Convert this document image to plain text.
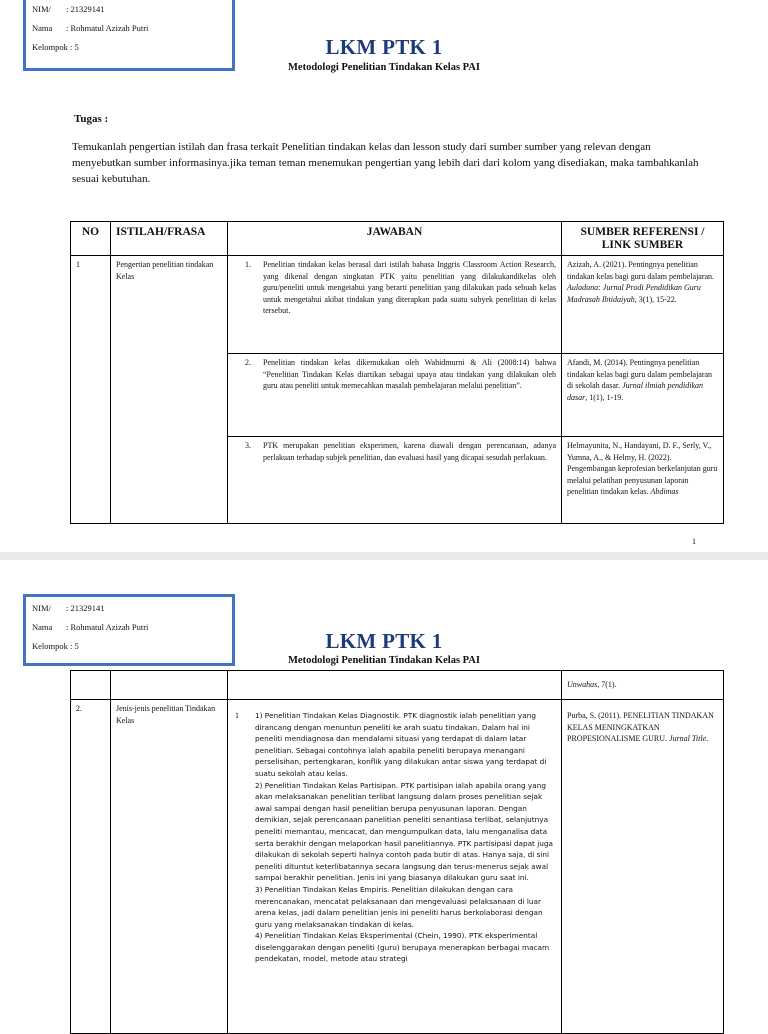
NIM/	: 21329141
Nama	: Rohmatul Azizah Putri
Kelompok
: 5	LKM PTK 1
Metodologi Penelitian Tindakan Kelas PAI
Tugas :
Temukanlah pengertian istilah dan frasa terkait Penelitian tindakan kelas dan lesson study dari sumber sumber yang relevan dengan menyebutkan sumber informasinya.jika teman teman menemukan pengertian yang lebih dari dari kolom yang disediakan, maka tambahkanlah sesuai kebutuhan.
NO	ISTILAH/FRASA	JAWABAN	SUMBER REFERENSI / LINK SUMBER
1	Pengertian penelitian tindakan Kelas	1. Penelitian tindakan kelas berasal dari istilah bahasa Inggris Classroom Action Research, yang dikenal dengan singkatan PTK yaitu penelitian yang dilakukandikelas oleh guru/peneliti untuk mengetahui yang berarti penelitian yang dilakukan pada sebuah kelas untuk mengetahui akibat tindakan yang diterapkan pada suatu subyek penelitian di kelas tersebut.	Azizah, A. (2021). Pentingnya penelitian tindakan kelas bagi guru dalam pembelajaran. Auladuna: Jurnal Prodi Pendidikan Guru Madrasah Ibtidaiyah, 3(1), 15-22.

		2. Penelitian tindakan kelas dikemukakan oleh Wahidmurni & Ali (2008:14) bahwa “Penelitian Tindakan Kelas diartikan sebagai upaya atau tindakan yang dilakukan oleh guru atau peneliti untuk memecahkan masalah pembelajaran melalui penelitian”.	Afandi, M. (2014). Pentingnya penelitian tindakan kelas bagi guru dalam pembelajaran di sekolah dasar. Jurnal ilmiah pendidikan dasar, 1(1), 1-19.

		3. PTK merupakan penelitian eksperimen, karena diawali dengan perencanaan, adanya perlakuan terhadap subjek penelitian, dan evaluasi hasil yang dicapai sesudah perlakuan.	Helmayunita, N., Handayani, D. F., Serly, V., Yumna, A., & Helmy, H. (2022). Pengembangan keprofesian berkelanjutan guru melalui pelatihan penyusunan laporan penelitian tindakan kelas. Abdimas
1
NIM/	: 21329141
Nama	: Rohmatul Azizah Putri
Kelompok
: 5	LKM PTK 1
Metodologi Penelitian Tindakan Kelas PAI
			Unwahas, 7(1).
2.	Jenis-jenis penelitian Tindakan Kelas	1 1) Penelitian Tindakan Kelas Diagnostik. PTK diagnostik ialah penelitian yang dirancang dengan menuntun peneliti ke arah suatu tindakan. Dalam hal ini peneliti mendiagnosa dan mendalami situasi yang terdapat di dalam latar penelitian. Sebagai contohnya ialah apabila peneliti berupaya menangani perselisihan, pertengkaran, konflik yang dilakukan antar siswa yang terdapat di suatu sekolah atau kelas.
2) Penelitian Tindakan Kelas Partisipan. PTK partisipan ialah apabila orang yang akan melaksanakan penelitian terlibat langsung dalam proses penelitian sejak awal sampai dengan hasil penelitian berupa penyusunan laporan. Dengan demikian, sejak perencanaan panelitian peneliti senantiasa terlibat, selanjutnya peneliti memantau, mencacat, dan mengumpulkan data, lalu menganalisa data serta berakhir dengan melaporkan hasil panelitiannya. PTK partisipasi dapat juga dilakukan di sekolah seperti halnya contoh pada butir di atas. Hanya saja, di sini peneliti dituntut keterlibatannya secara langsung dan terus-menerus sejak awal sampai berakhir penelitian. Jenis ini yang biasanya dilakukan guru saat ini.
3) Penelitian Tindakan Kelas Empiris. Penelitian dilakukan dengan cara merencanakan, mencatat pelaksanaan dan mengevaluasi pelaksanaan di luar arena kelas, jadi dalam penelitian jenis ini peneliti harus berkolaborasi dengan guru yang melaksanakan tindakan di kelas.
4) Penelitian Tindakan Kelas Eksperimental (Chein, 1990). PTK eksperimental diselenggarakan dengan peneliti (guru) berupaya menerapkan berbagai macam pendekatan, model, metode atau strategi	Purba, S. (2011). PENELITIAN TINDAKAN KELAS MENINGKATKAN PROPESIONALISME GURU. Jurnal Title.
